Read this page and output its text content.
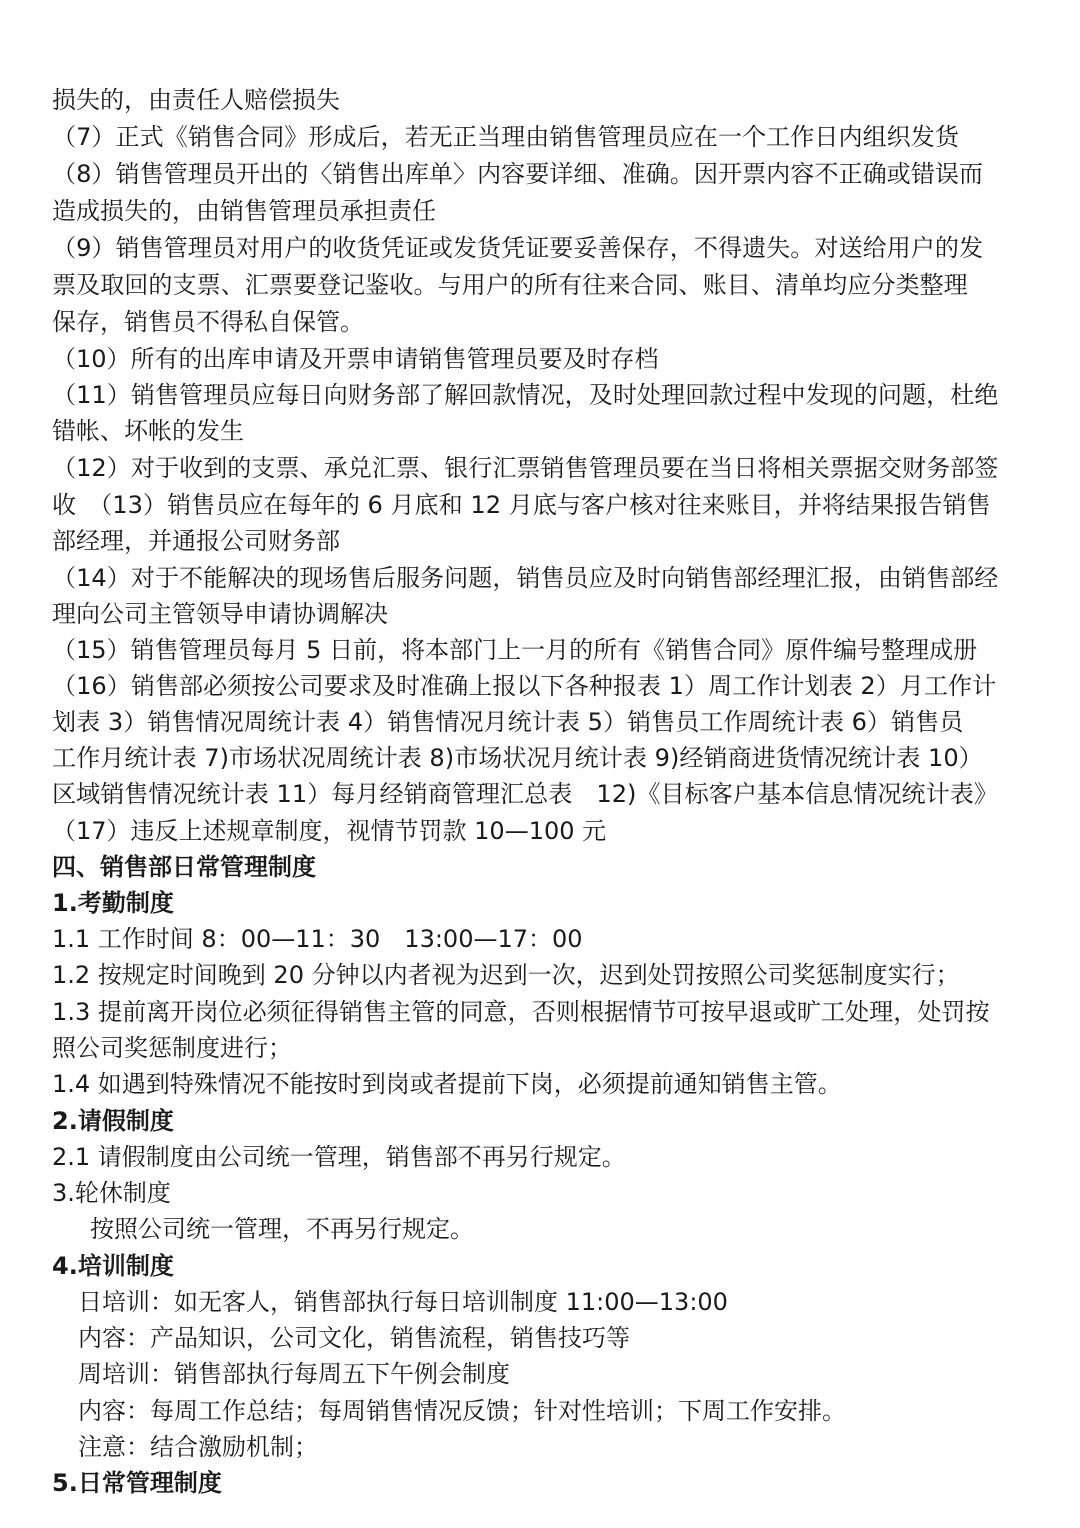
损失的，由责任人赔偿损失
（7）正式《销售合同》形成后，若无正当理由销售管理员应在一个工作日内组织发货
（8）销售管理员开出的〈销售出库单〉内容要详细、准确。因开票内容不正确或错误而
造成损失的，由销售管理员承担责任
（9）销售管理员对用户的收货凭证或发货凭证要妥善保存，不得遗失。对送给用户的发
票及取回的支票、汇票要登记鉴收。与用户的所有往来合同、账目、清单均应分类整理
保存，销售员不得私自保管。
（10）所有的出库申请及开票申请销售管理员要及时存档
（11）销售管理员应每日向财务部了解回款情况，及时处理回款过程中发现的问题，杜绝
错帐、坏帐的发生
（12）对于收到的支票、承兑汇票、银行汇票销售管理员要在当日将相关票据交财务部签
收　（13）销售员应在每年的 6 月底和 12 月底与客户核对往来账目，并将结果报告销售
部经理，并通报公司财务部
（14）对于不能解决的现场售后服务问题，销售员应及时向销售部经理汇报，由销售部经
理向公司主管领导申请协调解决
（15）销售管理员每月 5 日前，将本部门上一月的所有《销售合同》原件编号整理成册
（16）销售部必须按公司要求及时准确上报以下各种报表 1）周工作计划表 2）月工作计
划表 3）销售情况周统计表 4）销售情况月统计表 5）销售员工作周统计表 6）销售员
工作月统计表 7)市场状况周统计表 8)市场状况月统计表 9)经销商进货情况统计表 10）
区域销售情况统计表 11）每月经销商管理汇总表　12)《目标客户基本信息情况统计表》
（17）违反上述规章制度，视情节罚款 10—100 元
四、销售部日常管理制度
1.考勤制度
1.1 工作时间 8：00—11：30　13:00—17：00
1.2 按规定时间晚到 20 分钟以内者视为迟到一次，迟到处罚按照公司奖惩制度实行；
1.3 提前离开岗位必须征得销售主管的同意，否则根据情节可按早退或旷工处理，处罚按
照公司奖惩制度进行；
1.4 如遇到特殊情况不能按时到岗或者提前下岗，必须提前通知销售主管。
2.请假制度
2.1 请假制度由公司统一管理，销售部不再另行规定。
3.轮休制度
按照公司统一管理，不再另行规定。
4.培训制度
日培训：如无客人，销售部执行每日培训制度 11:00—13:00
内容：产品知识，公司文化，销售流程，销售技巧等
周培训：销售部执行每周五下午例会制度
内容：每周工作总结；每周销售情况反馈；针对性培训；下周工作安排。
注意：结合激励机制；
5.日常管理制度
